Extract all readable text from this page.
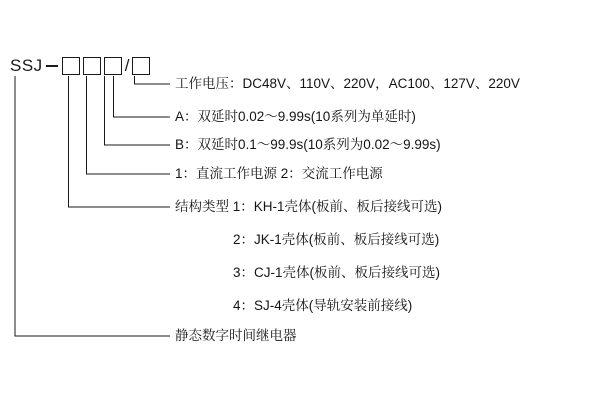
SSJ	/
工作电压：DC48V、110V、220V，AC100、127V、220V
A：双延时0.02～9.99s(10系列为单延时)
B：双延时0.1～99.9s(10系列为0.02～9.99s)
1：直流工作电源 2：交流工作电源
结构类型 1：KH-1壳体(板前、板后接线可选)
2：JK-1壳体(板前、板后接线可选)
3：CJ-1壳体(板前、板后接线可选)
4：SJ-4壳体(导轨安装前接线)
静态数字时间继电器
